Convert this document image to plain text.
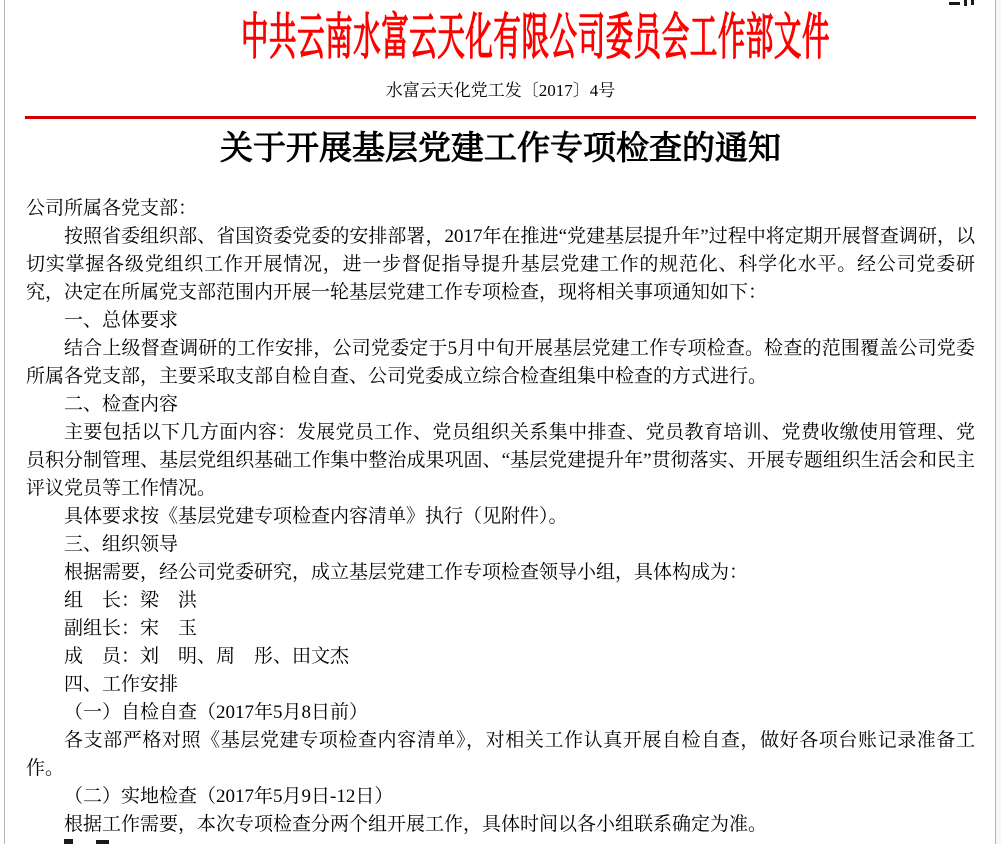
中共云南水富云天化有限公司委员会工作部文件
水富云天化党工发〔2017〕4号
关于开展基层党建工作专项检查的通知

公司所属各党支部：

按照省委组织部、省国资委党委的安排部署，2017年在推进“党建基层提升年”过程中将定期开展督查调研，以切实掌握各级党组织工作开展情况，进一步督促指导提升基层党建工作的规范化、科学化水平。经公司党委研究，决定在所属党支部范围内开展一轮基层党建工作专项检查，现将相关事项通知如下：

一、总体要求

结合上级督查调研的工作安排，公司党委定于5月中旬开展基层党建工作专项检查。检查的范围覆盖公司党委所属各党支部，主要采取支部自检自查、公司党委成立综合检查组集中检查的方式进行。

二、检查内容

主要包括以下几方面内容：发展党员工作、党员组织关系集中排查、党员教育培训、党费收缴使用管理、党员积分制管理、基层党组织基础工作集中整治成果巩固、“基层党建提升年”贯彻落实、开展专题组织生活会和民主评议党员等工作情况。

具体要求按《基层党建专项检查内容清单》执行（见附件）。

三、组织领导

根据需要，经公司党委研究，成立基层党建工作专项检查领导小组，具体构成为：

组　长：梁　洪

副组长：宋　玉

成　员：刘　明、周　彤、田文杰

四、工作安排

（一）自检自查（2017年5月8日前）

各支部严格对照《基层党建专项检查内容清单》，对相关工作认真开展自检自查，做好各项台账记录准备工作。

（二）实地检查（2017年5月9日-12日）

根据工作需要，本次专项检查分两个组开展工作，具体时间以各小组联系确定为准。
